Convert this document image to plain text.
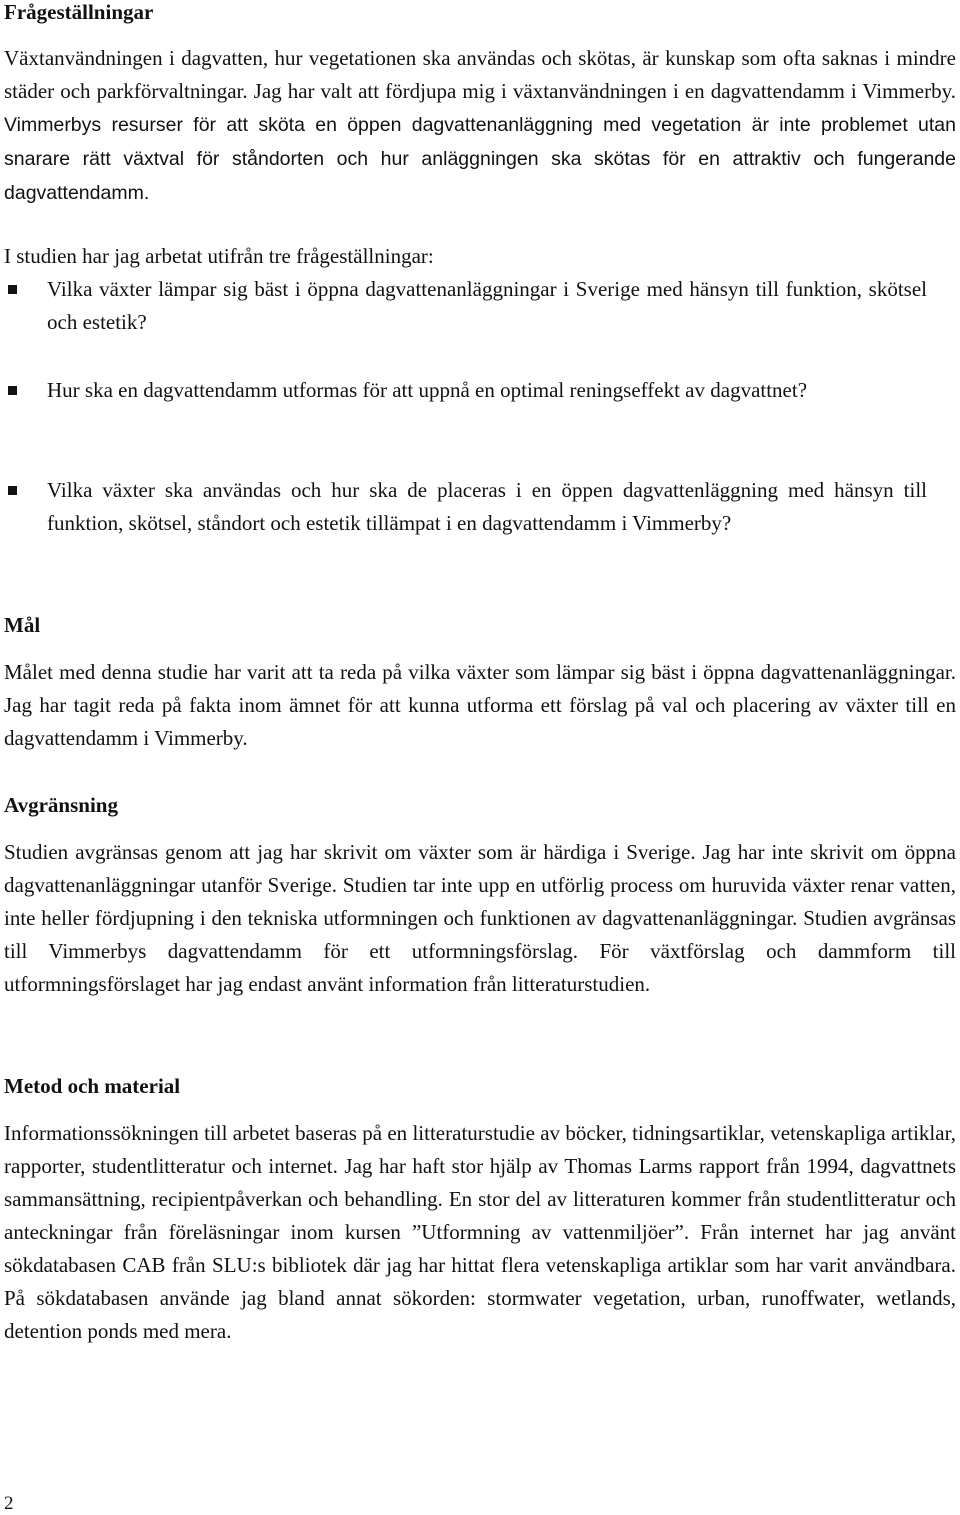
Frågeställningar

Växtanvändningen i dagvatten, hur vegetationen ska användas och skötas, är kunskap som ofta saknas i mindre städer och parkförvaltningar. Jag har valt att fördjupa mig i växtanvändningen i en dagvattendamm i Vimmerby. Vimmerbys resurser för att sköta en öppen dagvattenanläggning med vegetation är inte problemet utan snarare rätt växtval för ståndorten och hur anläggningen ska skötas för en attraktiv och fungerande dagvattendamm.

I studien har jag arbetat utifrån tre frågeställningar:

Vilka växter lämpar sig bäst i öppna dagvattenanläggningar i Sverige med hänsyn till funktion, skötsel och estetik?

Hur ska en dagvattendamm utformas för att uppnå en optimal reningseffekt av dagvattnet?

Vilka växter ska användas och hur ska de placeras i en öppen dagvattenläggning med hänsyn till funktion, skötsel, ståndort och estetik tillämpat i en dagvattendamm i Vimmerby?

Mål

Målet med denna studie har varit att ta reda på vilka växter som lämpar sig bäst i öppna dagvattenanläggningar. Jag har tagit reda på fakta inom ämnet för att kunna utforma ett förslag på val och placering av växter till en dagvattendamm i Vimmerby.

Avgränsning

Studien avgränsas genom att jag har skrivit om växter som är härdiga i Sverige. Jag har inte skrivit om öppna dagvattenanläggningar utanför Sverige. Studien tar inte upp en utförlig process om huruvida växter renar vatten, inte heller fördjupning i den tekniska utformningen och funktionen av dagvattenanläggningar. Studien avgränsas till Vimmerbys dagvattendamm för ett utformningsförslag. För växtförslag och dammform till utformningsförslaget har jag endast använt information från litteraturstudien.

Metod och material

Informationssökningen till arbetet baseras på en litteraturstudie av böcker, tidningsartiklar, vetenskapliga artiklar, rapporter, studentlitteratur och internet. Jag har haft stor hjälp av Thomas Larms rapport från 1994, dagvattnets sammansättning, recipientpåverkan och behandling. En stor del av litteraturen kommer från studentlitteratur och anteckningar från föreläsningar inom kursen ”Utformning av vattenmiljöer”. Från internet har jag använt sökdatabasen CAB från SLU:s bibliotek där jag har hittat flera vetenskapliga artiklar som har varit användbara. På sökdatabasen använde jag bland annat sökorden: stormwater vegetation, urban, runoffwater, wetlands, detention ponds med mera.

2
